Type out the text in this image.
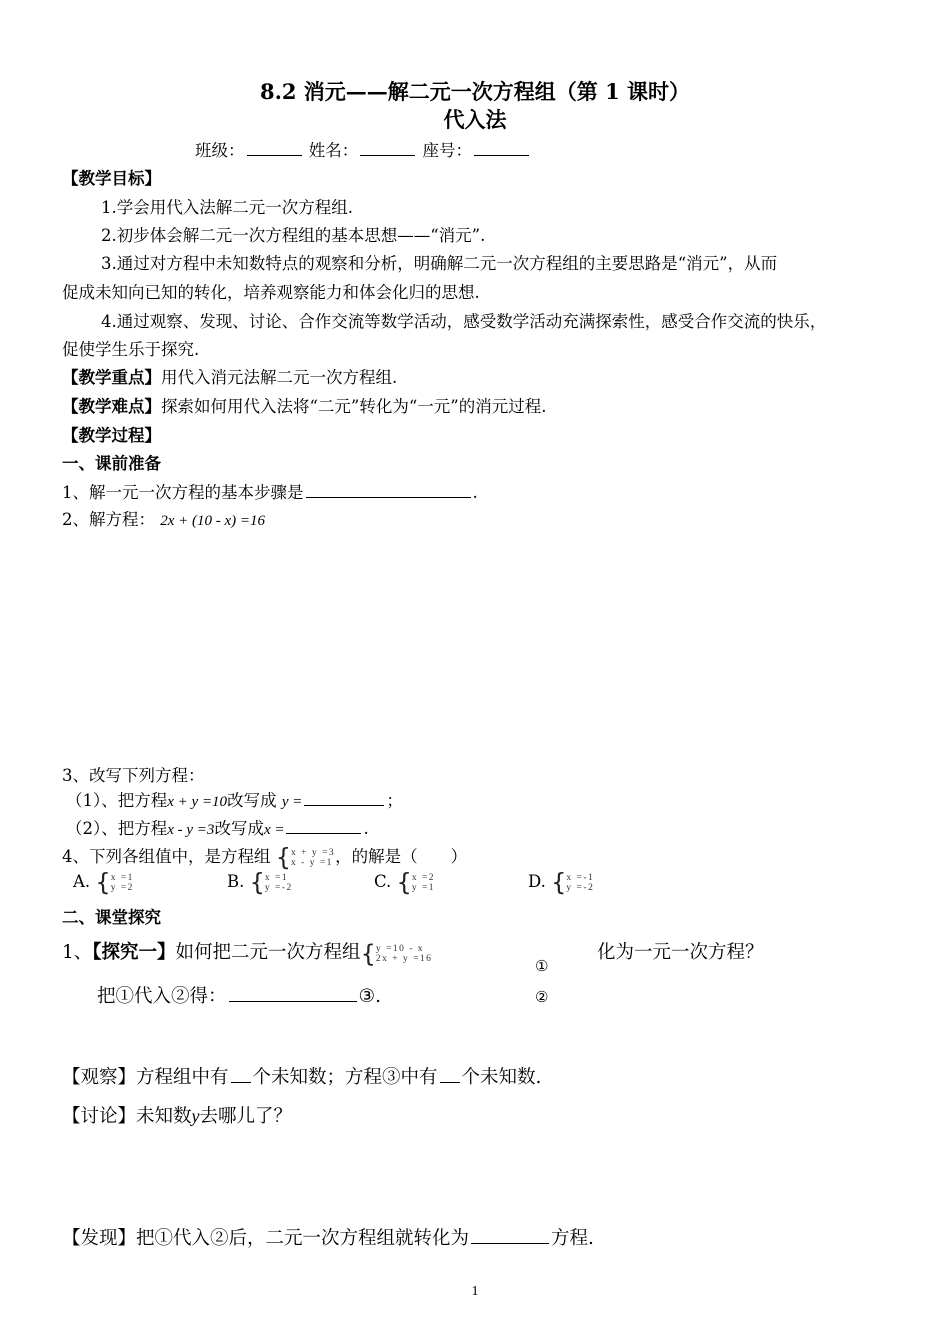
8.2 消元——解二元一次方程组（第 1 课时）
代入法
班级：	姓名：	座号：
【教学目标】
1.学会用代入法解二元一次方程组.
2.初步体会解二元一次方程组的基本思想——“消元”.
3.通过对方程中未知数特点的观察和分析，明确解二元一次方程组的主要思路是“消元”，从而
促成未知向已知的转化，培养观察能力和体会化归的思想.
4.通过观察、发现、讨论、合作交流等数学活动，感受数学活动充满探索性，感受合作交流的快乐，
促使学生乐于探究.
【教学重点】用代入消元法解二元一次方程组.
【教学难点】探索如何用代入法将“二元”转化为“一元”的消元过程.
【教学过程】
一、课前准备
1、解一元一次方程的基本步骤是	.
2、解方程： 2x + (10 - x) =16
3、改写下列方程：
（1）、把方程x + y =10改写成 y =	；
（2）、把方程x - y =3改写成x =	.
4、下列各组值中，是方程组 {x + y =3
x - y =1 ，的解是（　　）
A. {x =1
y =2	B. {x =1
y =-2	C. {x =2
y =1	D. {x =-1
y =-2
二、课堂探究
1、【探究一】如何把二元一次方程组{y =10 - x
2x + y =16	化为一元一次方程？
①
②
把①代入②得：	③.
【观察】方程组中有 个未知数；方程③中有 个未知数.
【讨论】未知数y去哪儿了？
【发现】把①代入②后，二元一次方程组就转化为	方程.
1
